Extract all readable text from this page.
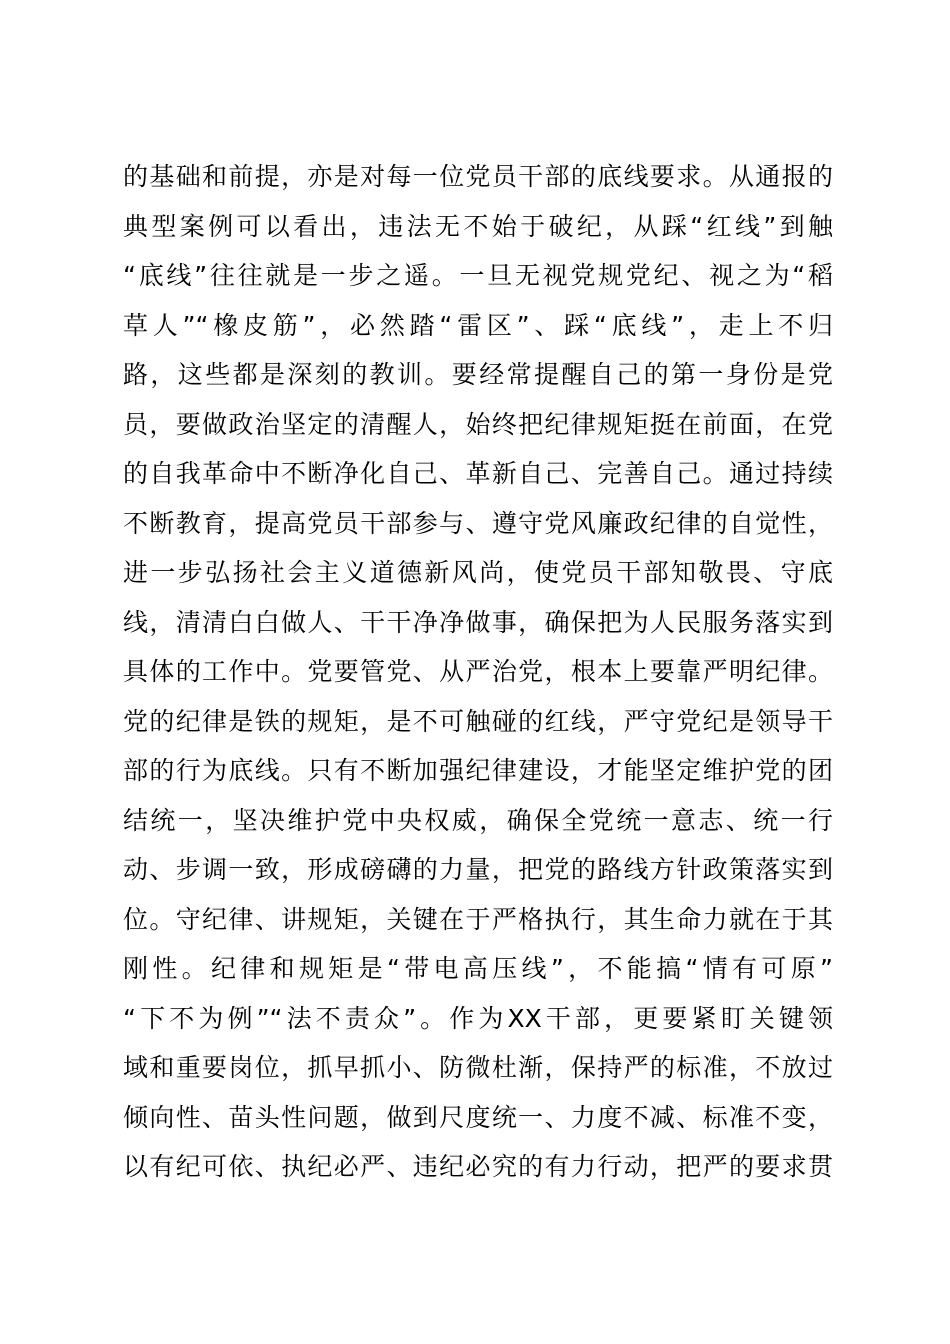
的基础和前提，亦是对每一位党员干部的底线要求。从通报的
典型案例可以看出，违法无不始于破纪，从踩“红线”到触
“底线”往往就是一步之遥。一旦无视党规党纪、视之为“稻
草人”“橡皮筋”，必然踏“雷区”、踩“底线”，走上不归
路，这些都是深刻的教训。要经常提醒自己的第一身份是党
员，要做政治坚定的清醒人，始终把纪律规矩挺在前面，在党
的自我革命中不断净化自己、革新自己、完善自己。通过持续
不断教育，提高党员干部参与、遵守党风廉政纪律的自觉性，
进一步弘扬社会主义道德新风尚，使党员干部知敬畏、守底
线，清清白白做人、干干净净做事，确保把为人民服务落实到
具体的工作中。党要管党、从严治党，根本上要靠严明纪律。
党的纪律是铁的规矩，是不可触碰的红线，严守党纪是领导干
部的行为底线。只有不断加强纪律建设，才能坚定维护党的团
结统一，坚决维护党中央权威，确保全党统一意志、统一行
动、步调一致，形成磅礴的力量，把党的路线方针政策落实到
位。守纪律、讲规矩，关键在于严格执行，其生命力就在于其
刚性。纪律和规矩是“带电高压线”，不能搞“情有可原”
“下不为例”“法不责众”。作为XX干部，更要紧盯关键领
域和重要岗位，抓早抓小、防微杜渐，保持严的标准，不放过
倾向性、苗头性问题，做到尺度统一、力度不减、标准不变，
以有纪可依、执纪必严、违纪必究的有力行动，把严的要求贯
